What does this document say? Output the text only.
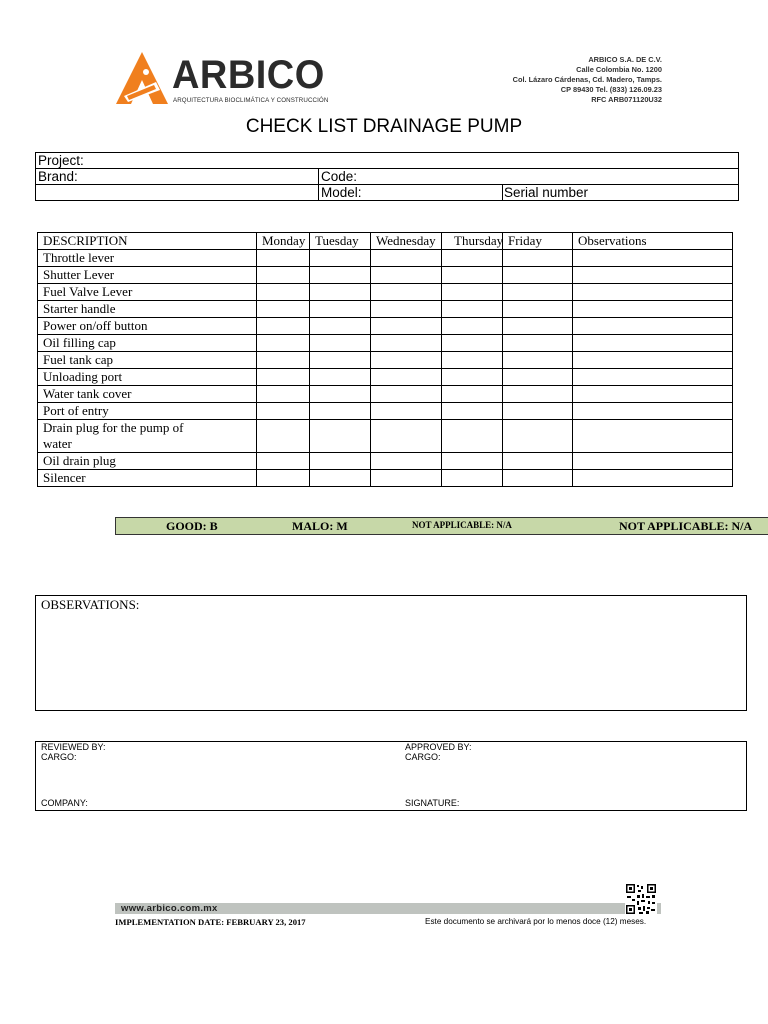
ARBICO
ARQUITECTURA BIOCLIMÁTICA Y CONSTRUCCIÓN
ARBICO S.A. DE C.V.
Calle Colombia No. 1200
Col. Lázaro Cárdenas, Cd. Madero, Tamps.
CP 89430 Tel. (833) 126.09.23
RFC ARB071120U32
CHECK LIST DRAINAGE PUMP
Project:		
Brand:	Code:	
	Model:	Serial number
DESCRIPTION	Monday	Tuesday	Wednesday	Thursday	Friday	Observations
Throttle lever						
Shutter Lever						
Fuel Valve Lever						
Starter handle						
Power on/off button						
Oil filling cap						
Fuel tank cap						
Unloading port						
Water tank cover						
Port of entry						
Drain plug for the pump of water						
Oil drain plug						
Silencer						
GOOD: B	MALO: M	NOT APPLICABLE: N/A	NOT APPLICABLE: N/A
OBSERVATIONS:
REVIEWED BY:
CARGO:
COMPANY:
APPROVED BY:
CARGO:
SIGNATURE:
www.arbico.com.mx
IMPLEMENTATION DATE: FEBRUARY 23, 2017	Este documento se archivará por lo menos doce (12) meses.
